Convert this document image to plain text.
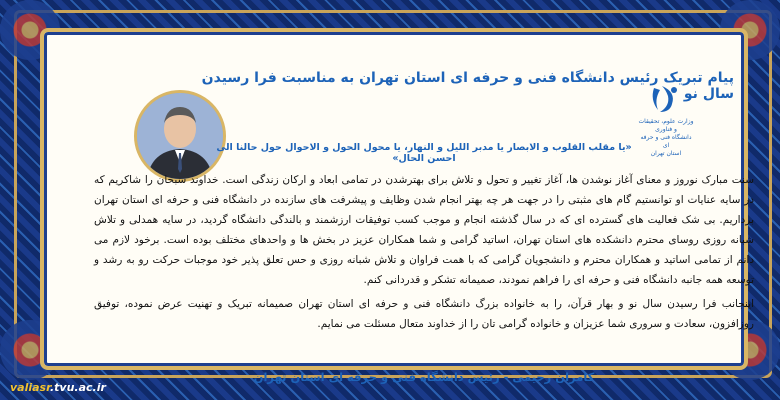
پیام تبریک رئیس دانشگاه فنی و حرفه ای استان تهران به مناسبت فرا رسیدن سال نو
وزارت علوم، تحقیقات و فناوری
دانشگاه فنی و حرفه ای
استان تهران
«یا مقلب القلوب و الابصار یا مدبر اللیل و النهار، یا محول الحول و الاحوال حول حالنا الی احسن الحال»

سنت مبارک نوروز و معنای آغاز نوشدن ها، آغاز تغییر و تحول و تلاش برای بهترشدن در تمامی ابعاد و ارکان زندگی است. خداوند سبحان را شاکریم که در سایه عنایات او توانستیم گام های مثبتی را در جهت هر چه بهتر انجام شدن وظایف و پیشرفت های سازنده در دانشگاه فنی و حرفه ای استان تهران برداریم. بی شک فعالیت های گسترده ای که در سال گذشته انجام و موجب کسب توفیقات ارزشمند و بالندگی دانشگاه گردید، در سایه همدلی و تلاش شبانه روزی روسای محترم دانشکده های استان تهران، اساتید گرامی و شما همکاران عزیز در بخش ها و واحدهای مختلف بوده است. برخود لازم می دانم از تمامی اساتید و همکاران محترم و دانشجویان گرامی که با همت فراوان و تلاش شبانه روزی و حس تعلق پذیر خود موجبات حرکت رو به رشد و توسعه همه جانبه دانشگاه فنی و حرفه ای را فراهم نمودند، صمیمانه تشکر و قدردانی کنم.

اینجانب فرا رسیدن سال نو و بهار قرآن، را به خانواده بزرگ دانشگاه فنی و حرفه ای استان تهران صمیمانه تبریک و تهنیت عرض نموده، توفیق روزافزون، سعادت و سروری شما عزیزان و خانواده گرامی تان را از خداوند متعال مسئلت می نمایم.

کامران رحیمی - رئیس دانشگاه فنی و حرفه ای استان تهران
valiasr.tvu.ac.ir
